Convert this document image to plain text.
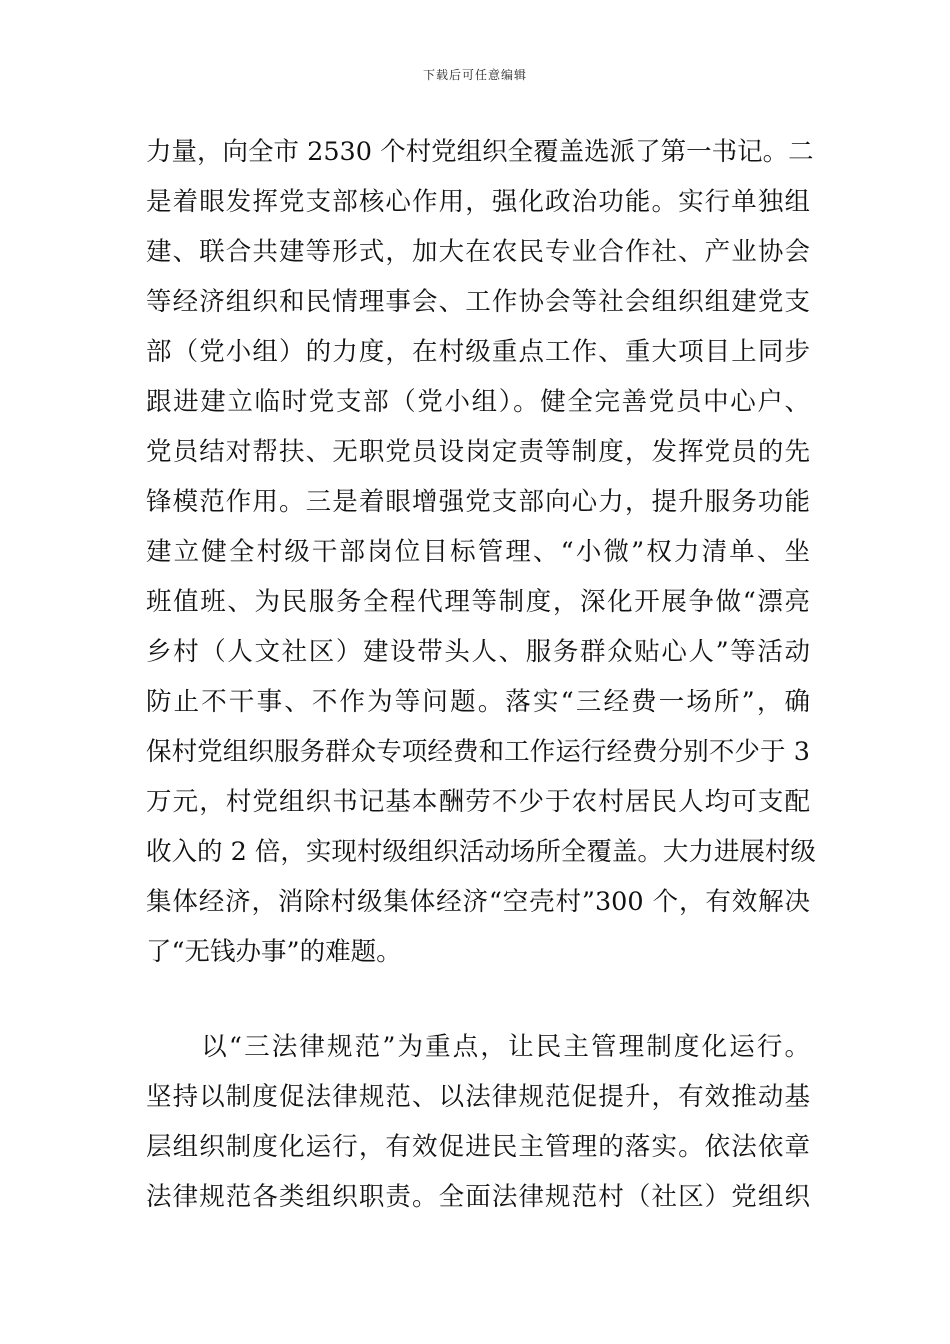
下载后可任意编辑
力量，向全市 2530 个村党组织全覆盖选派了第一书记。二
是着眼发挥党支部核心作用，强化政治功能。实行单独组
建、联合共建等形式，加大在农民专业合作社、产业协会
等经济组织和民情理事会、工作协会等社会组织组建党支
部（党小组）的力度，在村级重点工作、重大项目上同步
跟进建立临时党支部（党小组）。健全完善党员中心户、
党员结对帮扶、无职党员设岗定责等制度，发挥党员的先
锋模范作用。三是着眼增强党支部向心力，提升服务功能
建立健全村级干部岗位目标管理、“小微”权力清单、坐
班值班、为民服务全程代理等制度，深化开展争做“漂亮
乡村（人文社区）建设带头人、服务群众贴心人”等活动
防止不干事、不作为等问题。落实“三经费一场所”，确
保村党组织服务群众专项经费和工作运行经费分别不少于 3
万元，村党组织书记基本酬劳不少于农村居民人均可支配
收入的 2 倍，实现村级组织活动场所全覆盖。大力进展村级
集体经济，消除村级集体经济“空壳村”300 个，有效解决
了“无钱办事”的难题。
　　以“三法律规范”为重点，让民主管理制度化运行。
坚持以制度促法律规范、以法律规范促提升，有效推动基
层组织制度化运行，有效促进民主管理的落实。依法依章
法律规范各类组织职责。全面法律规范村（社区）党组织
